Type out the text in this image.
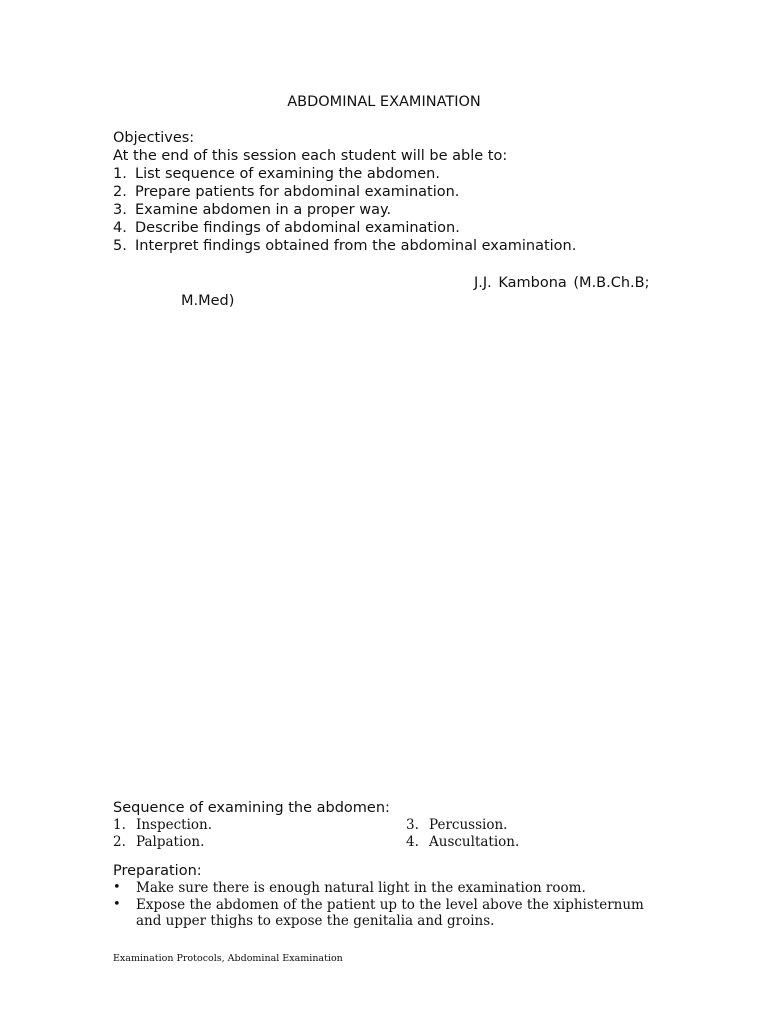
ABDOMINAL EXAMINATION
Objectives:
At the end of this session each student will be able to:
1. List sequence of examining the abdomen.
2. Prepare patients for abdominal examination.
3. Examine abdomen in a proper way.
4. Describe findings of abdominal examination.
5. Interpret findings obtained from the abdominal examination.
J.J. Kambona (M.B.Ch.B;
M.Med)
Sequence of examining the abdomen:
1. Inspection.
2. Palpation.
3. Percussion.
4. Auscultation.
Preparation:
•	Make sure there is enough natural light in the examination room.
•	Expose the abdomen of the patient up to the level above the xiphisternum and upper thighs to expose the genitalia and groins.
Examination Protocols, Abdominal Examination
